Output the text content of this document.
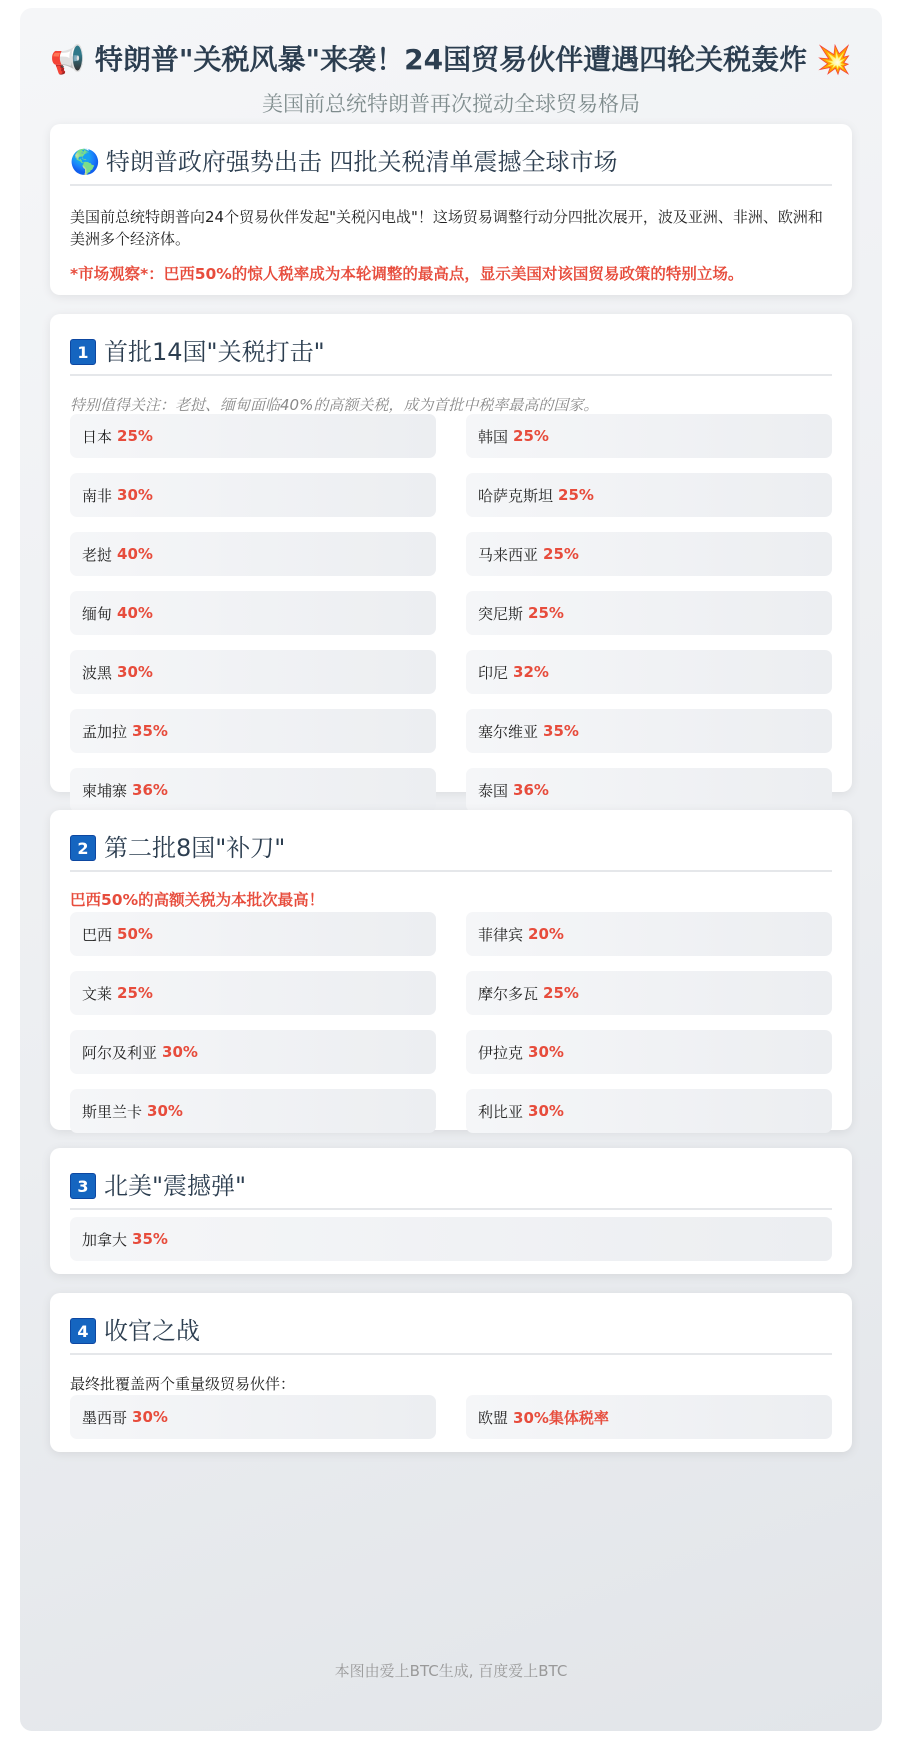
📢 特朗普"关税风暴"来袭！24国贸易伙伴遭遇四轮关税轰炸 💥
美国前总统特朗普再次搅动全球贸易格局
🌎 特朗普政府强势出击 四批关税清单震撼全球市场
美国前总统特朗普向24个贸易伙伴发起"关税闪电战"！这场贸易调整行动分四批次展开，波及亚洲、非洲、欧洲和美洲多个经济体。
*市场观察*：巴西50%的惊人税率成为本轮调整的最高点，显示美国对该国贸易政策的特别立场。
1 首批14国"关税打击"
特别值得关注：老挝、缅甸面临40%的高额关税，成为首批中税率最高的国家。
日本 25%	韩国 25%
南非 30%	哈萨克斯坦 25%
老挝 40%	马来西亚 25%
缅甸 40%	突尼斯 25%
波黑 30%	印尼 32%
孟加拉 35%	塞尔维亚 35%
柬埔寨 36%	泰国 36%
2 第二批8国"补刀"
巴西50%的高额关税为本批次最高！
巴西 50%	菲律宾 20%
文莱 25%	摩尔多瓦 25%
阿尔及利亚 30%	伊拉克 30%
斯里兰卡 30%	利比亚 30%
3 北美"震撼弹"
加拿大 35%
4 收官之战
最终批覆盖两个重量级贸易伙伴：
墨西哥 30%	欧盟 30%集体税率
本图由爱上BTC生成, 百度爱上BTC
